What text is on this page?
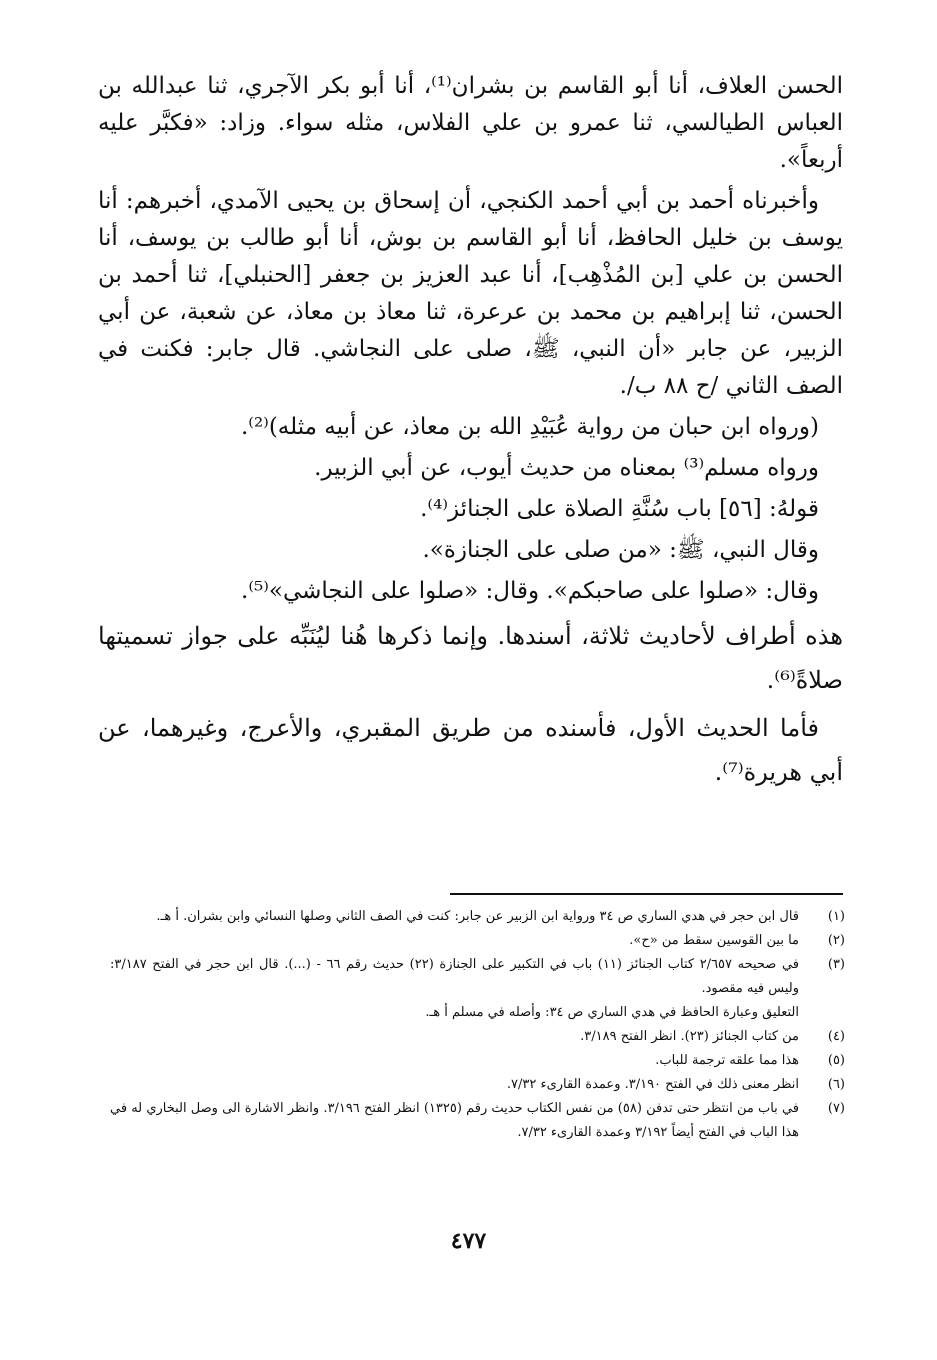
الحسن العلاف، أنا أبو القاسم بن بشران⁽¹⁾، أنا أبو بكر الآجري، ثنا عبدالله بن العباس الطيالسي، ثنا عمرو بن علي الفلاس، مثله سواء. وزاد: «فكبَّر عليه أربعاً».

وأخبرناه أحمد بن أبي أحمد الكنجي، أن إسحاق بن يحيى الآمدي، أخبرهم: أنا يوسف بن خليل الحافظ، أنا أبو القاسم بن بوش، أنا أبو طالب بن يوسف، أنا الحسن بن علي [بن المُذْهِب]، أنا عبد العزيز بن جعفر [الحنبلي]، ثنا أحمد بن الحسن، ثنا إبراهيم بن محمد بن عرعرة، ثنا معاذ بن معاذ، عن شعبة، عن أبي الزبير، عن جابر «أن النبي، ﷺ، صلى على النجاشي. قال جابر: فكنت في الصف الثاني /ح ٨٨ ب/.

(ورواه ابن حبان من رواية عُبَيْدِ الله بن معاذ، عن أبيه مثله)⁽²⁾.

ورواه مسلم⁽³⁾ بمعناه من حديث أيوب، عن أبي الزبير.

قولهُ: [٥٦] باب سُنَّةِ الصلاة على الجنائز⁽⁴⁾.

وقال النبي، ﷺ: «من صلى على الجنازة».

وقال: «صلوا على صاحبكم». وقال: «صلوا على النجاشي»⁽⁵⁾.

هذه أطراف لأحاديث ثلاثة، أسندها. وإنما ذكرها هُنا ليُنَبِّه على جواز تسميتها صلاةً⁽⁶⁾.

فأما الحديث الأول، فأسنده من طريق المقبري، والأعرج، وغيرهما، عن أبي هريرة⁽⁷⁾.

(١)
قال ابن حجر في هدي الساري ص ٣٤ ورواية ابن الزبير عن جابر: كنت في الصف الثاني وصلها النسائي وابن بشران. أ هـ.
(٢)
ما بين القوسين سقط من «ح».
(٣)
في صحيحه ٢/٦٥٧ كتاب الجنائز (١١) باب في التكبير على الجنازة (٢٢) حديث رقم ٦٦ - (...). قال ابن حجر في الفتح ٣/١٨٧: وليس فيه مقصود.
التعليق وعبارة الحافظ في هدي الساري ص ٣٤: وأصله في مسلم أ هـ.
(٤)
من كتاب الجنائز (٢٣). انظر الفتح ٣/١٨٩.
(٥)
هذا مما علقه ترجمة للباب.
(٦)
انظر معنى ذلك في الفتح ٣/١٩٠. وعمدة القارىء ٧/٣٢.
(٧)
في باب من انتظر حتى تدفن (٥٨) من نفس الكتاب حديث رقم (١٣٢٥) انظر الفتح ٣/١٩٦. وانظر الاشارة الى وصل البخاري له في هذا الباب في الفتح أيضاً ٣/١٩٢ وعمدة القارىء ٧/٣٢.
٤٧٧
